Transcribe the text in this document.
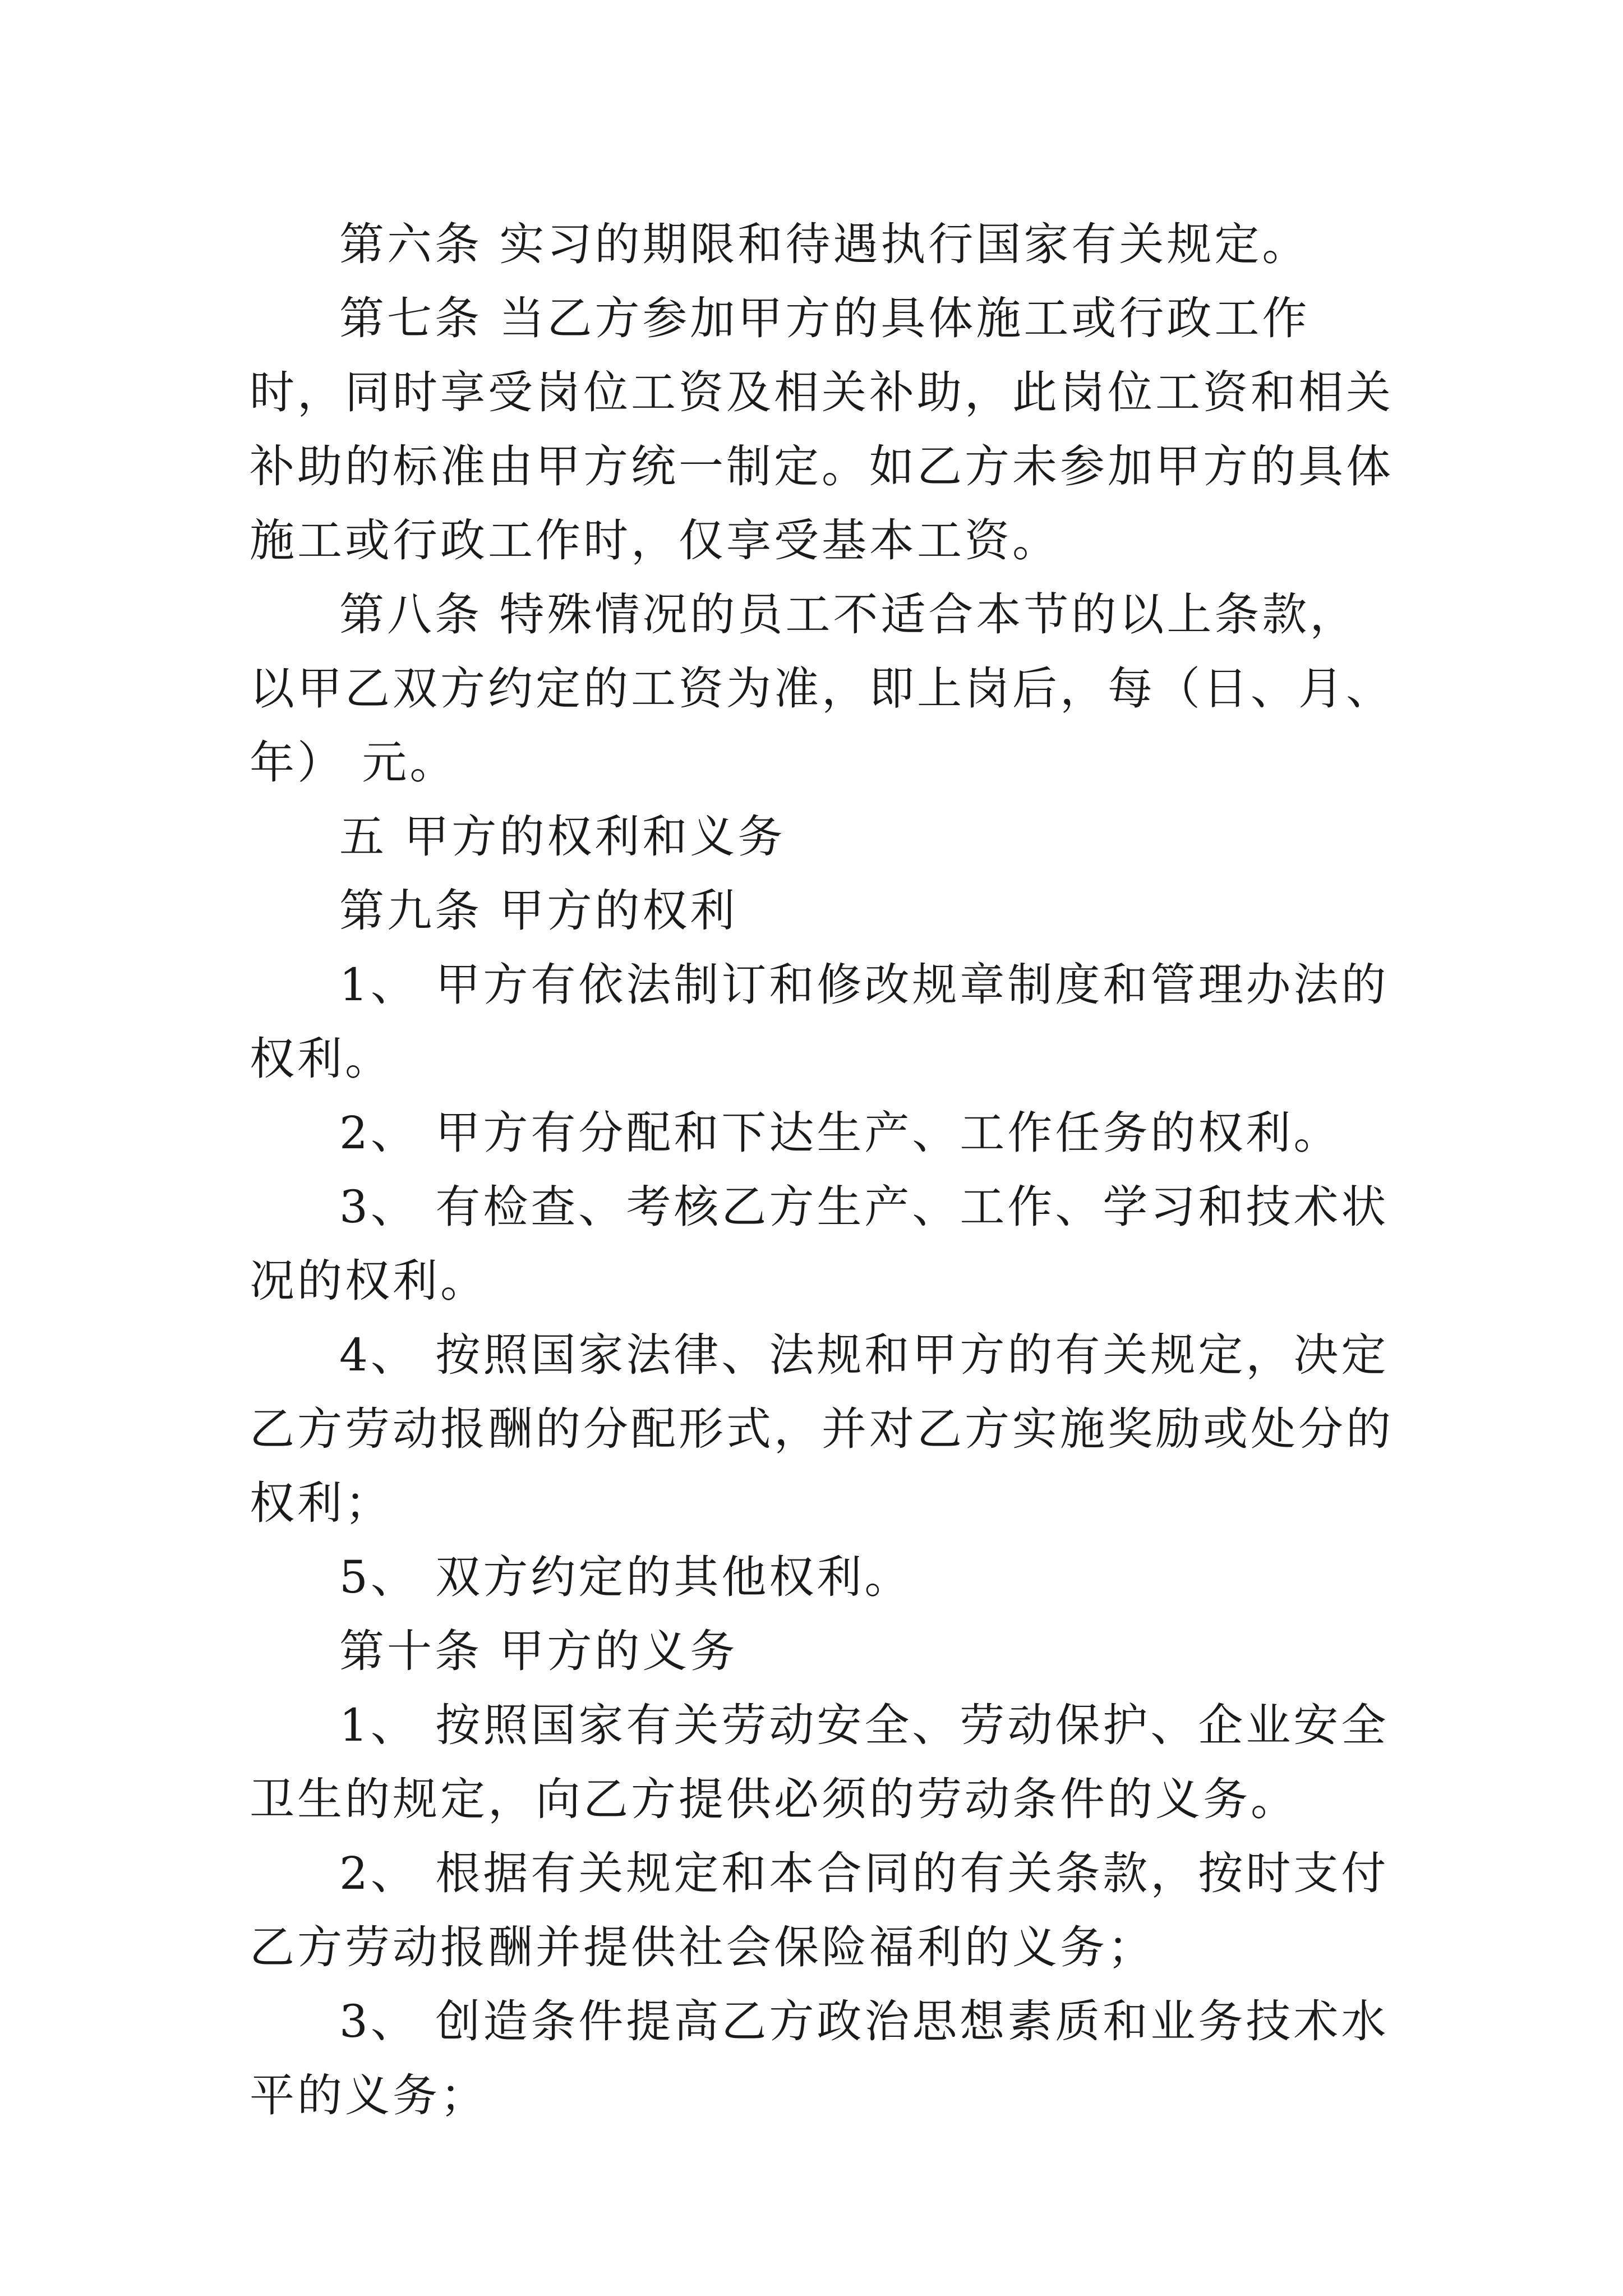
第六条 实习的期限和待遇执行国家有关规定。

第七条 当乙方参加甲方的具体施工或行政工作时，同时享受岗位工资及相关补助，此岗位工资和相关补助的标准由甲方统一制定。如乙方未参加甲方的具体施工或行政工作时，仅享受基本工资。

第八条 特殊情况的员工不适合本节的以上条款，以甲乙双方约定的工资为准，即上岗后，每（日、月、年） 元。

五 甲方的权利和义务

第九条 甲方的权利

1、 甲方有依法制订和修改规章制度和管理办法的权利。

2、 甲方有分配和下达生产、工作任务的权利。

3、 有检查、考核乙方生产、工作、学习和技术状况的权利。

4、 按照国家法律、法规和甲方的有关规定，决定乙方劳动报酬的分配形式，并对乙方实施奖励或处分的权利；

5、 双方约定的其他权利。

第十条 甲方的义务

1、 按照国家有关劳动安全、劳动保护、企业安全卫生的规定，向乙方提供必须的劳动条件的义务。

2、 根据有关规定和本合同的有关条款，按时支付乙方劳动报酬并提供社会保险福利的义务；

3、 创造条件提高乙方政治思想素质和业务技术水平的义务；
